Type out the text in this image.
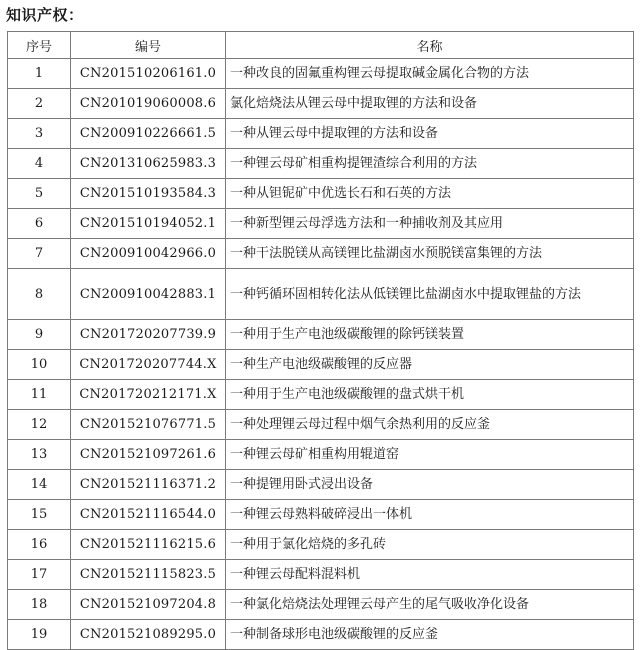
知识产权：
序号	编号	名称
1	CN201510206161.0	一种改良的固氟重构锂云母提取碱金属化合物的方法
2	CN201019060008.6	氯化焙烧法从锂云母中提取锂的方法和设备
3	CN200910226661.5	一种从锂云母中提取锂的方法和设备
4	CN201310625983.3	一种锂云母矿相重构提锂渣综合利用的方法
5	CN201510193584.3	一种从钽铌矿中优选长石和石英的方法
6	CN201510194052.1	一种新型锂云母浮选方法和一种捕收剂及其应用
7	CN200910042966.0	一种干法脱镁从高镁锂比盐湖卤水预脱镁富集锂的方法
8	CN200910042883.1	一种钙循环固相转化法从低镁锂比盐湖卤水中提取锂盐的方法
9	CN201720207739.9	一种用于生产电池级碳酸锂的除钙镁装置
10	CN201720207744.X	一种生产电池级碳酸锂的反应器
11	CN201720212171.X	一种用于生产电池级碳酸锂的盘式烘干机
12	CN201521076771.5	一种处理锂云母过程中烟气余热利用的反应釜
13	CN201521097261.6	一种锂云母矿相重构用辊道窑
14	CN201521116371.2	一种提锂用卧式浸出设备
15	CN201521116544.0	一种锂云母熟料破碎浸出一体机
16	CN201521116215.6	一种用于氯化焙烧的多孔砖
17	CN201521115823.5	一种锂云母配料混料机
18	CN201521097204.8	一种氯化焙烧法处理锂云母产生的尾气吸收净化设备
19	CN201521089295.0	一种制备球形电池级碳酸锂的反应釜
